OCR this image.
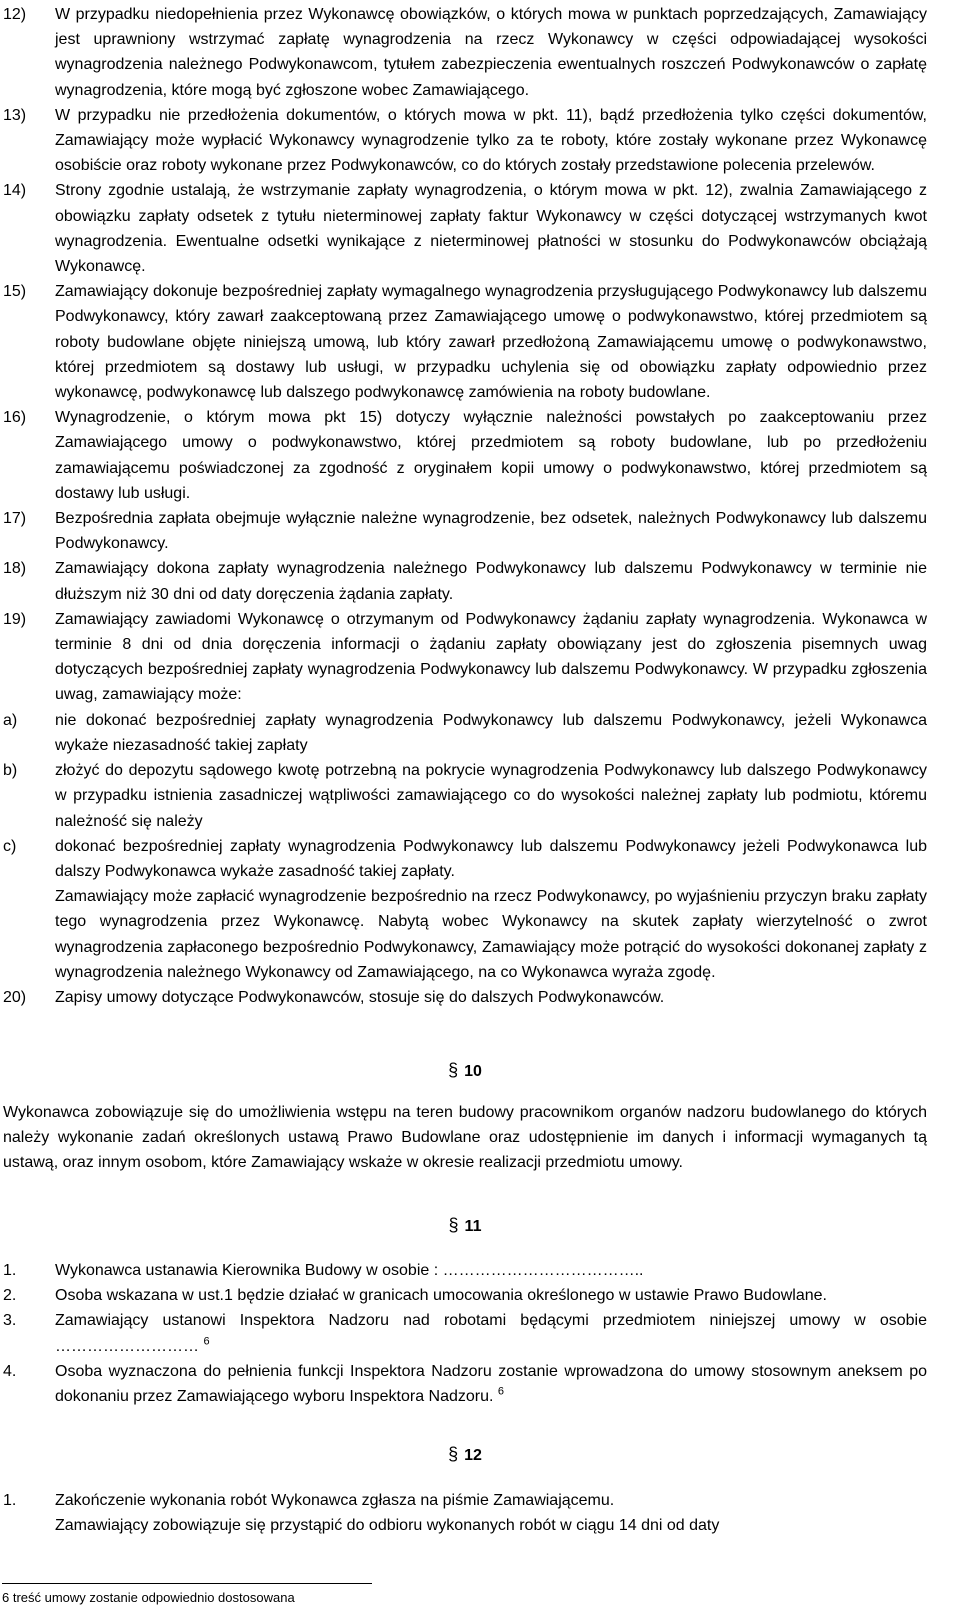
12) W przypadku niedopełnienia przez Wykonawcę obowiązków, o których mowa w punktach poprzedzających, Zamawiający jest uprawniony wstrzymać zapłatę wynagrodzenia na rzecz Wykonawcy w części odpowiadającej wysokości wynagrodzenia należnego Podwykonawcom, tytułem zabezpieczenia ewentualnych roszczeń Podwykonawców o zapłatę wynagrodzenia, które mogą być zgłoszone wobec Zamawiającego.
13) W przypadku nie przedłożenia dokumentów, o których mowa w pkt. 11), bądź przedłożenia tylko części dokumentów, Zamawiający może wypłacić Wykonawcy wynagrodzenie tylko za te roboty, które zostały wykonane przez Wykonawcę osobiście oraz roboty wykonane przez Podwykonawców, co do których zostały przedstawione polecenia przelewów.
14) Strony zgodnie ustalają, że wstrzymanie zapłaty wynagrodzenia, o którym mowa w pkt. 12), zwalnia Zamawiającego z obowiązku zapłaty odsetek z tytułu nieterminowej zapłaty faktur Wykonawcy w części dotyczącej wstrzymanych kwot wynagrodzenia. Ewentualne odsetki wynikające z nieterminowej płatności w stosunku do Podwykonawców obciążają Wykonawcę.
15) Zamawiający dokonuje bezpośredniej zapłaty wymagalnego wynagrodzenia przysługującego Podwykonawcy lub dalszemu Podwykonawcy, który zawarł zaakceptowaną przez Zamawiającego umowę o podwykonawstwo, której przedmiotem są roboty budowlane objęte niniejszą umową, lub który zawarł przedłożoną Zamawiającemu umowę o podwykonawstwo, której przedmiotem są dostawy lub usługi, w przypadku uchylenia się od obowiązku zapłaty odpowiednio przez wykonawcę, podwykonawcę lub dalszego podwykonawcę zamówienia na roboty budowlane.
16) Wynagrodzenie, o którym mowa pkt 15) dotyczy wyłącznie należności powstałych po zaakceptowaniu przez Zamawiającego umowy o podwykonawstwo, której przedmiotem są roboty budowlane, lub po przedłożeniu zamawiającemu poświadczonej za zgodność z oryginałem kopii umowy o podwykonawstwo, której przedmiotem są dostawy lub usługi.
17) Bezpośrednia zapłata obejmuje wyłącznie należne wynagrodzenie, bez odsetek, należnych Podwykonawcy lub dalszemu Podwykonawcy.
18) Zamawiający dokona zapłaty wynagrodzenia należnego Podwykonawcy lub dalszemu Podwykonawcy w terminie nie dłuższym niż 30 dni od daty doręczenia żądania zapłaty.
19) Zamawiający zawiadomi Wykonawcę o otrzymanym od Podwykonawcy żądaniu zapłaty wynagrodzenia. Wykonawca w terminie 8 dni od dnia doręczenia informacji o żądaniu zapłaty obowiązany jest do zgłoszenia pisemnych uwag dotyczących bezpośredniej zapłaty wynagrodzenia Podwykonawcy lub dalszemu Podwykonawcy. W przypadku zgłoszenia uwag, zamawiający może:
a) nie dokonać bezpośredniej zapłaty wynagrodzenia Podwykonawcy lub dalszemu Podwykonawcy, jeżeli Wykonawca wykaże niezasadność takiej zapłaty
b) złożyć do depozytu sądowego kwotę potrzebną na pokrycie wynagrodzenia Podwykonawcy lub dalszego Podwykonawcy w przypadku istnienia zasadniczej wątpliwości zamawiającego co do wysokości należnej zapłaty lub podmiotu, któremu należność się należy
c) dokonać bezpośredniej zapłaty wynagrodzenia Podwykonawcy lub dalszemu Podwykonawcy jeżeli Podwykonawca lub dalszy Podwykonawca wykaże zasadność takiej zapłaty.
Zamawiający może zapłacić wynagrodzenie bezpośrednio na rzecz Podwykonawcy, po wyjaśnieniu przyczyn braku zapłaty tego wynagrodzenia przez Wykonawcę. Nabytą wobec Wykonawcy na skutek zapłaty wierzytelność o zwrot wynagrodzenia zapłaconego bezpośrednio Podwykonawcy, Zamawiający może potrącić do wysokości dokonanej zapłaty z wynagrodzenia należnego Wykonawcy od Zamawiającego, na co Wykonawca wyraża zgodę.
20) Zapisy umowy dotyczące Podwykonawców, stosuje się do dalszych Podwykonawców.
§ 10
Wykonawca zobowiązuje się do umożliwienia wstępu na teren budowy pracownikom organów nadzoru budowlanego do których należy wykonanie zadań określonych ustawą Prawo Budowlane oraz udostępnienie im danych i informacji wymaganych tą ustawą, oraz innym osobom, które Zamawiający wskaże w okresie realizacji przedmiotu umowy.
§ 11
1. Wykonawca ustanawia Kierownika Budowy w osobie : ………………………………..
2. Osoba wskazana w ust.1 będzie działać w granicach umocowania określonego w ustawie Prawo Budowlane.
3. Zamawiający ustanowi Inspektora Nadzoru nad robotami będącymi przedmiotem niniejszej umowy w osobie ……………………… $^6$
4. Osoba wyznaczona do pełnienia funkcji Inspektora Nadzoru zostanie wprowadzona do umowy stosownym aneksem po dokonaniu przez Zamawiającego wyboru Inspektora Nadzoru. $^6$
§ 12
1. Zakończenie wykonania robót Wykonawca zgłasza na piśmie Zamawiającemu.
Zamawiający zobowiązuje się przystąpić do odbioru wykonanych robót w ciągu 14 dni od daty
6 treść umowy zostanie odpowiednio dostosowana
